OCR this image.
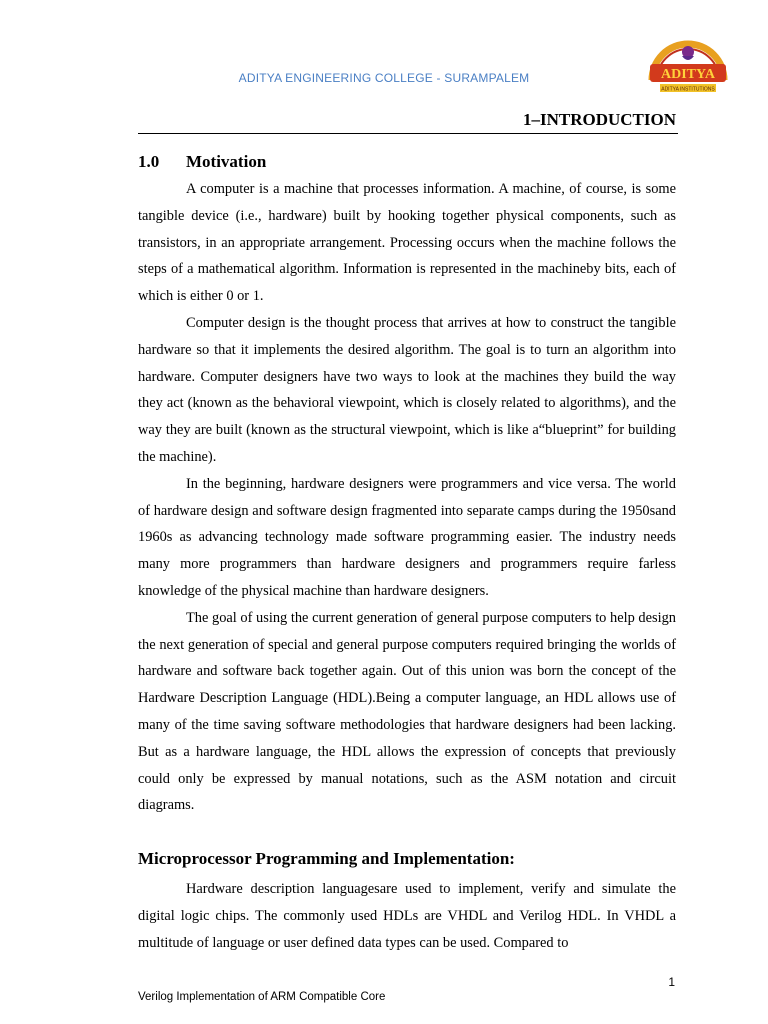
ADITYA ENGINEERING COLLEGE - SURAMPALEM	ADITYA
ADITYA INSTITUTIONS
1–INTRODUCTION
1.0 Motivation

A computer is a machine that processes information. A machine, of course, is some tangible device (i.e., hardware) built by hooking together physical components, such as transistors, in an appropriate arrangement. Processing occurs when the machine follows the steps of a mathematical algorithm. Information is represented in the machineby bits, each of which is either 0 or 1.

Computer design is the thought process that arrives at how to construct the tangible hardware so that it implements the desired algorithm. The goal is to turn an algorithm into hardware. Computer designers have two ways to look at the machines they build the way they act (known as the behavioral viewpoint, which is closely related to algorithms), and the way they are built (known as the structural viewpoint, which is like a“blueprint” for building the machine).

In the beginning, hardware designers were programmers and vice versa. The world of hardware design and software design fragmented into separate camps during the 1950sand 1960s as advancing technology made software programming easier. The industry needs many more programmers than hardware designers and programmers require farless knowledge of the physical machine than hardware designers.

The goal of using the current generation of general purpose computers to help design the next generation of special and general purpose computers required bringing the worlds of hardware and software back together again. Out of this union was born the concept of the Hardware Description Language (HDL).Being a computer language, an HDL allows use of many of the time saving software methodologies that hardware designers had been lacking. But as a hardware language, the HDL allows the expression of concepts that previously could only be expressed by manual notations, such as the ASM notation and circuit diagrams.

Microprocessor Programming and Implementation:

Hardware description languagesare used to implement, verify and simulate the digital logic chips. The commonly used HDLs are VHDL and Verilog HDL. In VHDL a multitude of language or user defined data types can be used. Compared to

1
Verilog Implementation of ARM Compatible Core
